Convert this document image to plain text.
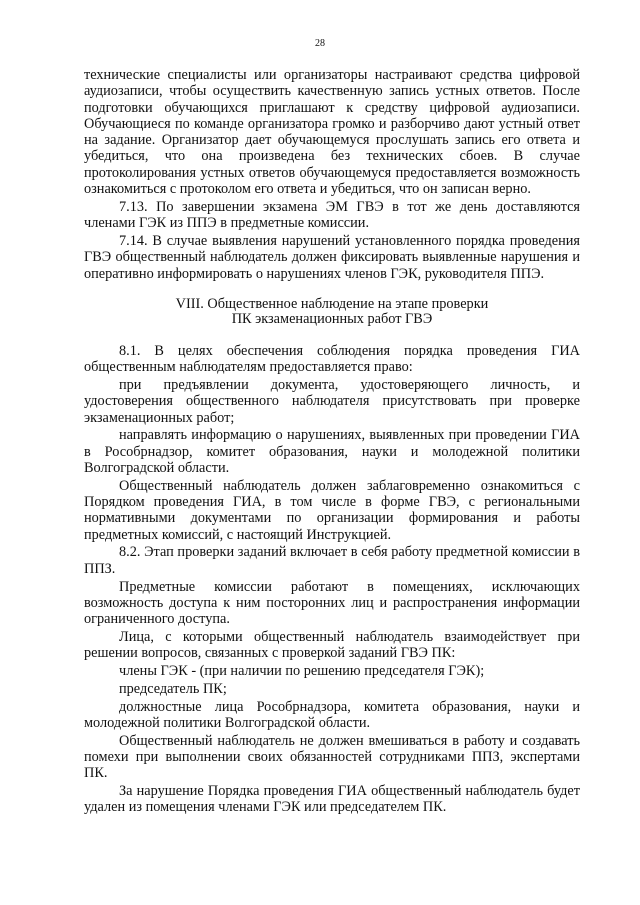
28

технические специалисты или организаторы настраивают средства цифровой аудиозаписи, чтобы осуществить качественную запись устных ответов. После подготовки обучающихся приглашают к средству цифровой аудиозаписи. Обучающиеся по команде организатора громко и разборчиво дают устный ответ на задание. Организатор дает обучающемуся прослушать запись его ответа и убедиться, что она произведена без технических сбоев. В случае протоколирования устных ответов обучающемуся предоставляется возможность ознакомиться с протоколом его ответа и убедиться, что он записан верно.

7.13. По завершении экзамена ЭМ ГВЭ в тот же день доставляются членами ГЭК из ППЭ в предметные комиссии.

7.14. В случае выявления нарушений установленного порядка проведения ГВЭ общественный наблюдатель должен фиксировать выявленные нарушения и оперативно информировать о нарушениях членов ГЭК, руководителя ППЭ.

VIII. Общественное наблюдение на этапе проверки
ПК экзаменационных работ ГВЭ

8.1. В целях обеспечения соблюдения порядка проведения ГИА общественным наблюдателям предоставляется право:

при предъявлении документа, удостоверяющего личность, и удостоверения общественного наблюдателя присутствовать при проверке экзаменационных работ;

направлять информацию о нарушениях, выявленных при проведении ГИА в Рособрнадзор, комитет образования, науки и молодежной политики Волгоградской области.

Общественный наблюдатель должен заблаговременно ознакомиться с Порядком проведения ГИА, в том числе в форме ГВЭ, с региональными нормативными документами по организации формирования и работы предметных комиссий, с настоящий Инструкцией.

8.2. Этап проверки заданий включает в себя работу предметной комиссии в ППЗ.

Предметные комиссии работают в помещениях, исключающих возможность доступа к ним посторонних лиц и распространения информации ограниченного доступа.

Лица, с которыми общественный наблюдатель взаимодействует при решении вопросов, связанных с проверкой заданий ГВЭ ПК:

члены ГЭК - (при наличии по решению председателя ГЭК);

председатель ПК;

должностные лица Рособрнадзора, комитета образования, науки и молодежной политики Волгоградской области.

Общественный наблюдатель не должен вмешиваться в работу и создавать помехи при выполнении своих обязанностей сотрудниками ППЗ, экспертами ПК.

За нарушение Порядка проведения ГИА общественный наблюдатель будет удален из помещения членами ГЭК или председателем ПК.
